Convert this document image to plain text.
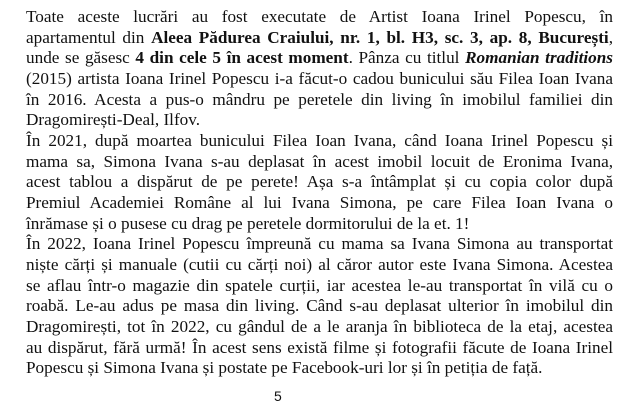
Toate aceste lucrări au fost executate de Artist Ioana Irinel Popescu, în
apartamentul din Aleea Pădurea Craiului, nr. 1, bl. H3, sc. 3, ap. 8, București,
unde se găsesc 4 din cele 5 în acest moment. Pânza cu titlul Romanian traditions
(2015) artista Ioana Irinel Popescu i-a făcut-o cadou bunicului său Filea Ioan Ivana
în 2016. Acesta a pus-o mândru pe peretele din living în imobilul familiei din
Dragomirești-Deal, Ilfov.
În 2021, după moartea bunicului Filea Ioan Ivana, când Ioana Irinel Popescu și
mama sa, Simona Ivana s-au deplasat în acest imobil locuit de Eronima Ivana,
acest tablou a dispărut de pe perete! Așa s-a întâmplat și cu copia color după
Premiul Academiei Române al lui Ivana Simona, pe care Filea Ioan Ivana o
înrămase și o pusese cu drag pe peretele dormitorului de la et. 1!
În 2022, Ioana Irinel Popescu împreună cu mama sa Ivana Simona au transportat
niște cărți și manuale (cutii cu cărți noi) al căror autor este Ivana Simona. Acestea
se aflau într-o magazie din spatele curții, iar acestea le-au transportat în vilă cu o
roabă. Le-au adus pe masa din living. Când s-au deplasat ulterior în imobilul din
Dragomirești, tot în 2022, cu gândul de a le aranja în biblioteca de la etaj, acestea
au dispărut, fără urmă! În acest sens există filme și fotografii făcute de Ioana Irinel
Popescu și Simona Ivana și postate pe Facebook-uri lor și în petiția de față.
5
